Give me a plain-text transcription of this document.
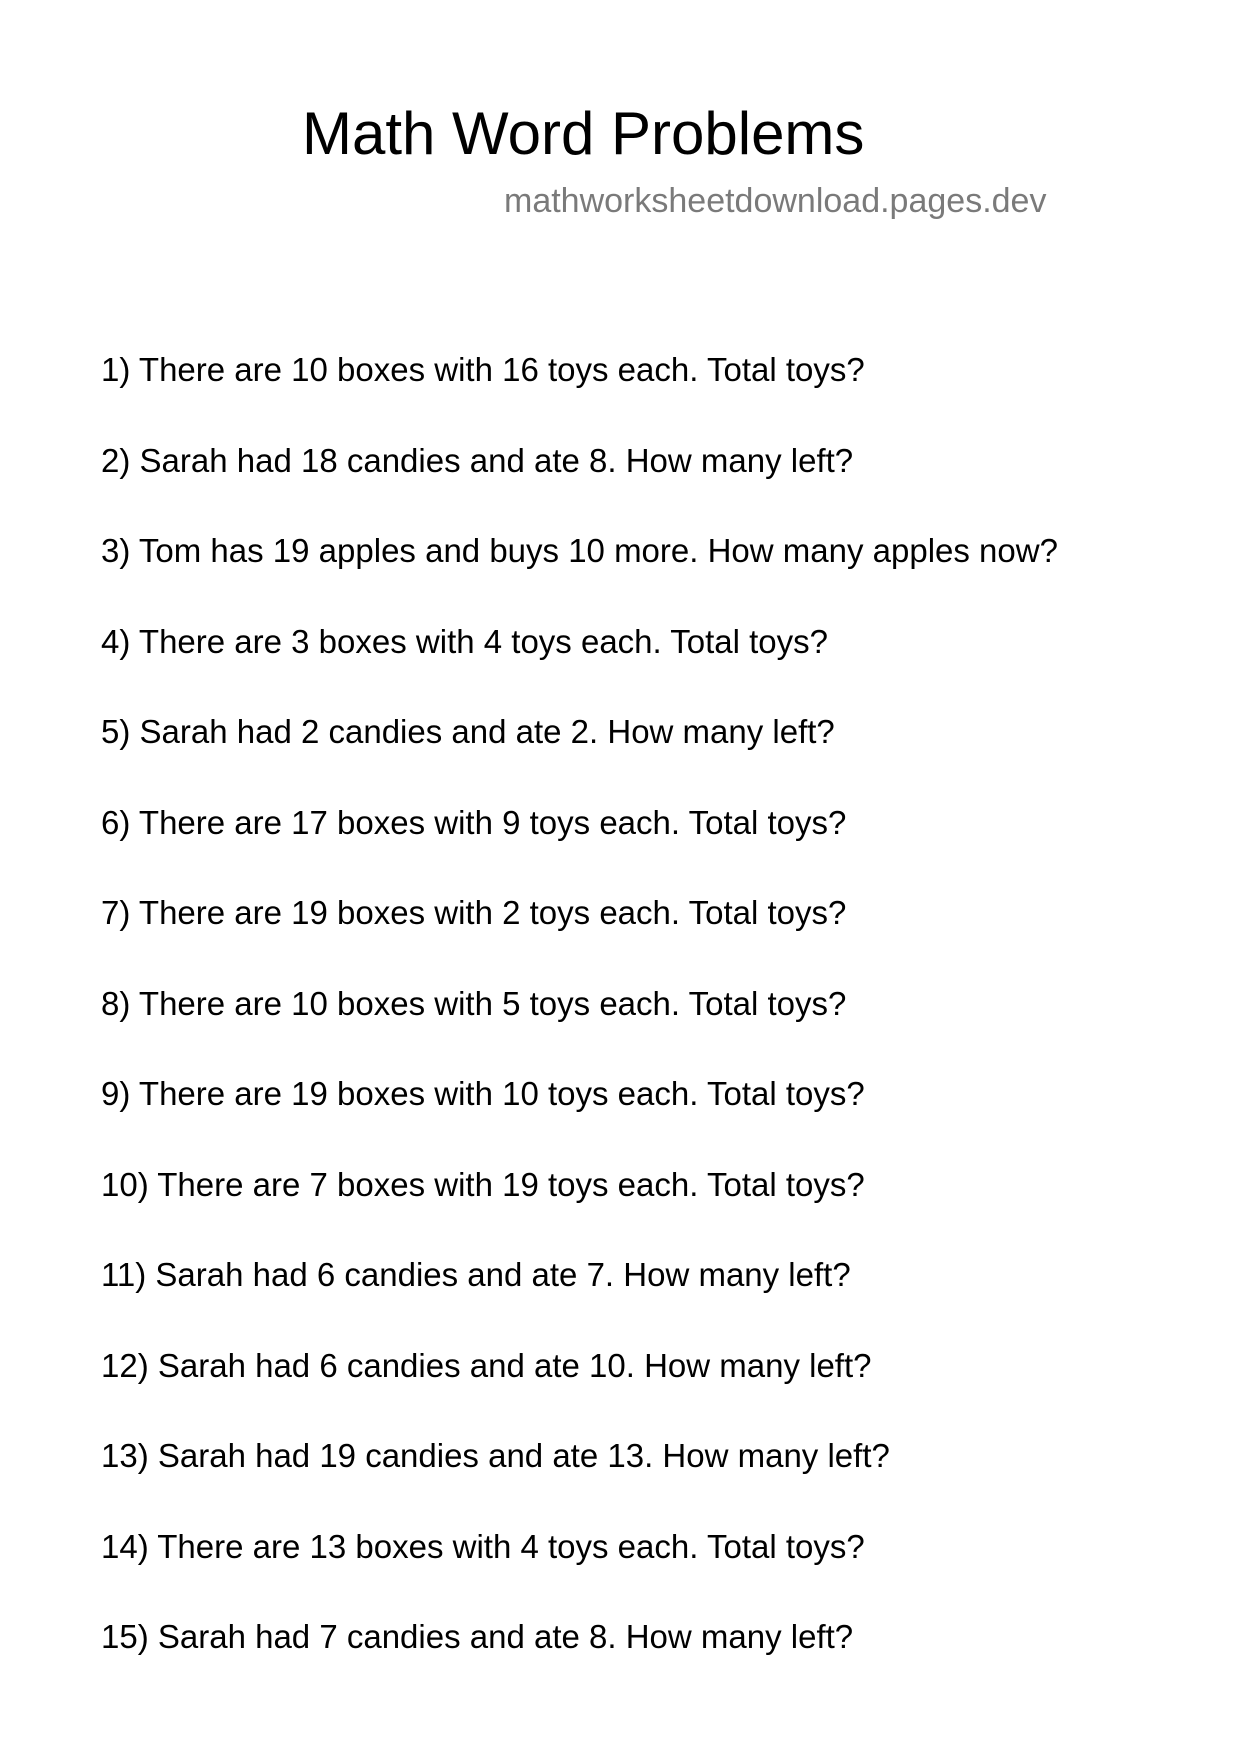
Math Word Problems
mathworksheetdownload.pages.dev
1) There are 10 boxes with 16 toys each. Total toys?
2) Sarah had 18 candies and ate 8. How many left?
3) Tom has 19 apples and buys 10 more. How many apples now?
4) There are 3 boxes with 4 toys each. Total toys?
5) Sarah had 2 candies and ate 2. How many left?
6) There are 17 boxes with 9 toys each. Total toys?
7) There are 19 boxes with 2 toys each. Total toys?
8) There are 10 boxes with 5 toys each. Total toys?
9) There are 19 boxes with 10 toys each. Total toys?
10) There are 7 boxes with 19 toys each. Total toys?
11) Sarah had 6 candies and ate 7. How many left?
12) Sarah had 6 candies and ate 10. How many left?
13) Sarah had 19 candies and ate 13. How many left?
14) There are 13 boxes with 4 toys each. Total toys?
15) Sarah had 7 candies and ate 8. How many left?
